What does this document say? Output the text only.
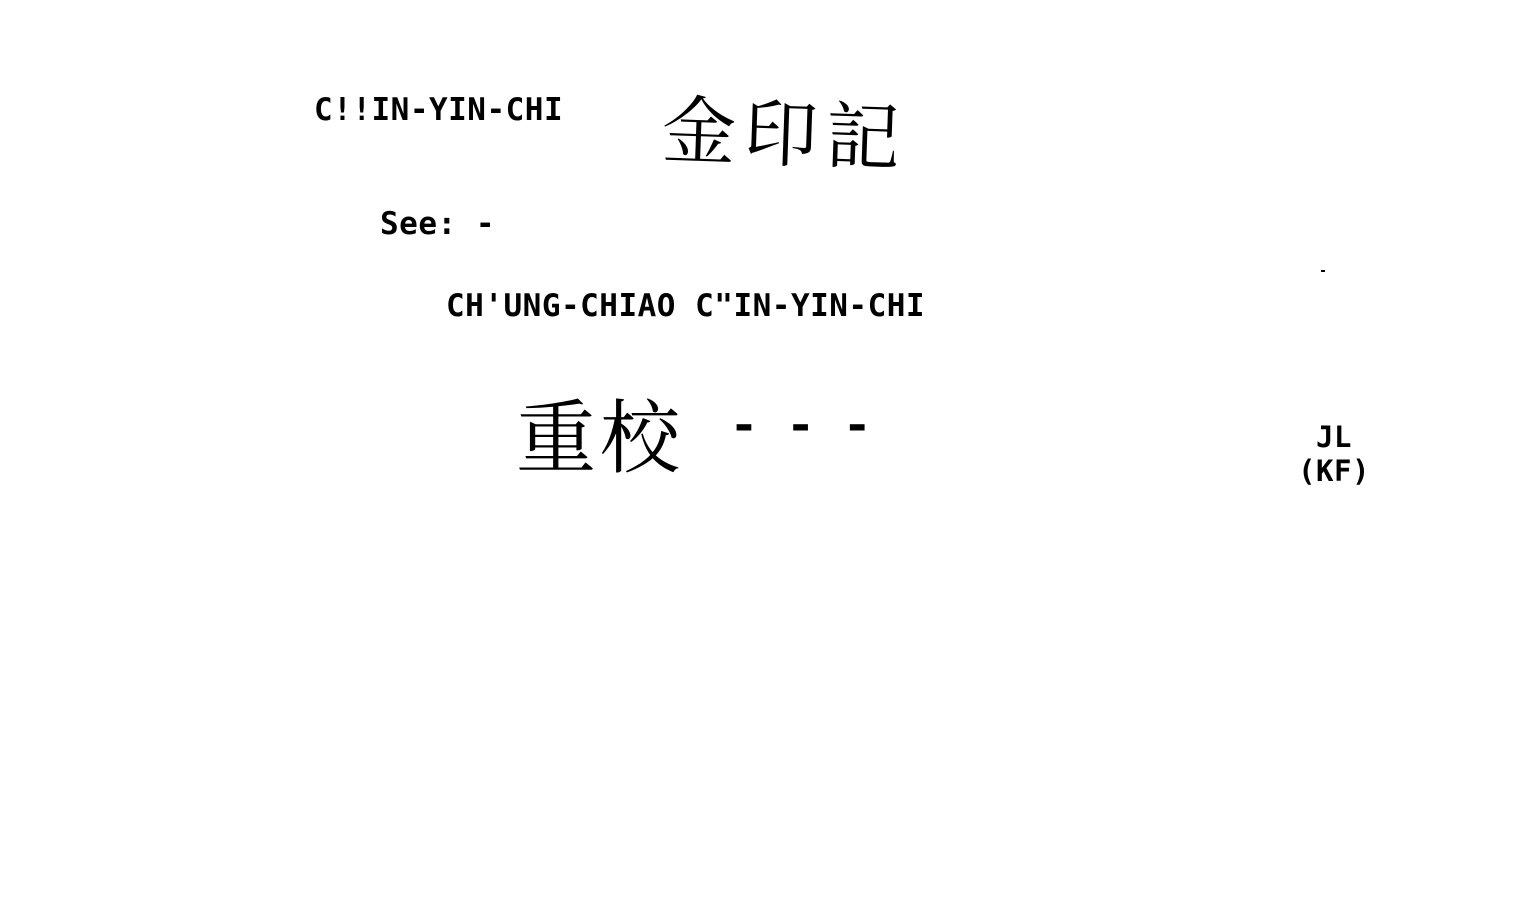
C!!IN-YIN-CHI 金印記
See: -
CH'UNG-CHIAO C"IN-YIN-CHI
重校 - - -	JL
(KF)
